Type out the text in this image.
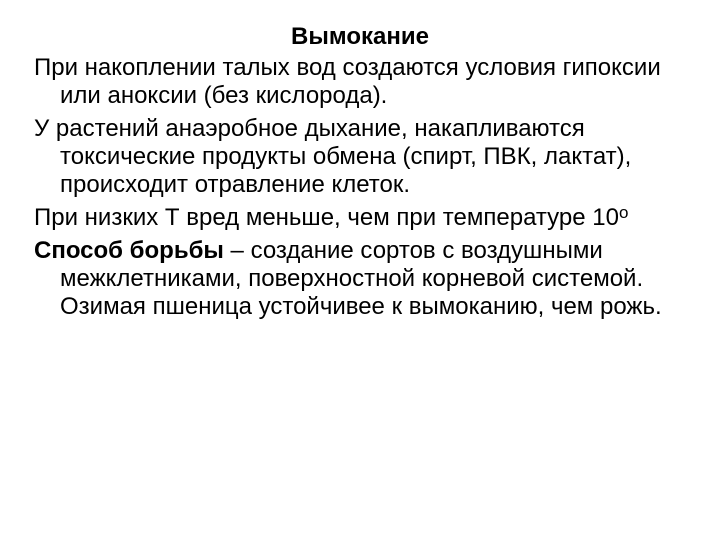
Вымокание

При накоплении талых вод создаются условия гипоксии или аноксии (без кислорода).

У растений анаэробное дыхание, накапливаются токсические продукты обмена (спирт, ПВК, лактат), происходит отравление клеток.

При низких Т вред меньше, чем при температуре $10^о$

Способ борьбы – создание сортов с воздушными межклетниками, поверхностной корневой системой. Озимая пшеница устойчивее к вымоканию, чем рожь.
